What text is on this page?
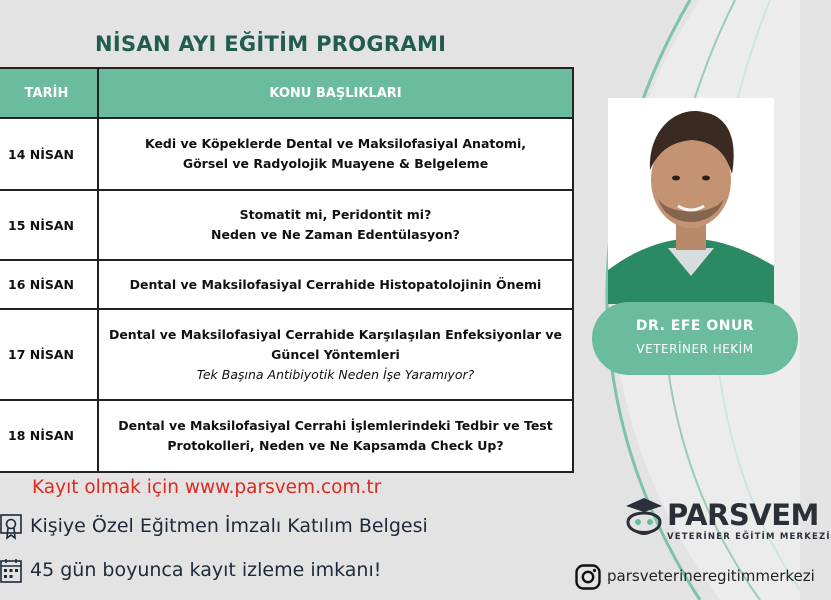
NİSAN AYI EĞİTİM PROGRAMI
TARİH	KONU BAŞLIKLARI
14 NİSAN	Kedi ve Köpeklerde Dental ve Maksilofasiyal Anatomi,
Görsel ve Radyolojik Muayene & Belgeleme
15 NİSAN	Stomatit mi, Peridontit mi?
Neden ve Ne Zaman Edentülasyon?
16 NİSAN	Dental ve Maksilofasiyal Cerrahide Histopatolojinin Önemi
17 NİSAN	Dental ve Maksilofasiyal Cerrahide Karşılaşılan Enfeksiyonlar ve
Güncel Yöntemleri
Tek Başına Antibiyotik Neden İşe Yaramıyor?

18 NİSAN	Dental ve Maksilofasiyal Cerrahi İşlemlerindeki Tedbir ve Test
Protokolleri, Neden ve Ne Kapsamda Check Up?
DR. EFE ONUR
VETERİNER HEKİM
Kayıt olmak için www.parsvem.com.tr
Kişiye Özel Eğitmen İmzalı Katılım Belgesi
45 gün boyunca kayıt izleme imkanı!
PARSVEM
VETERİNER EĞİTİM MERKEZİ
parsveterineregitimmerkezi
